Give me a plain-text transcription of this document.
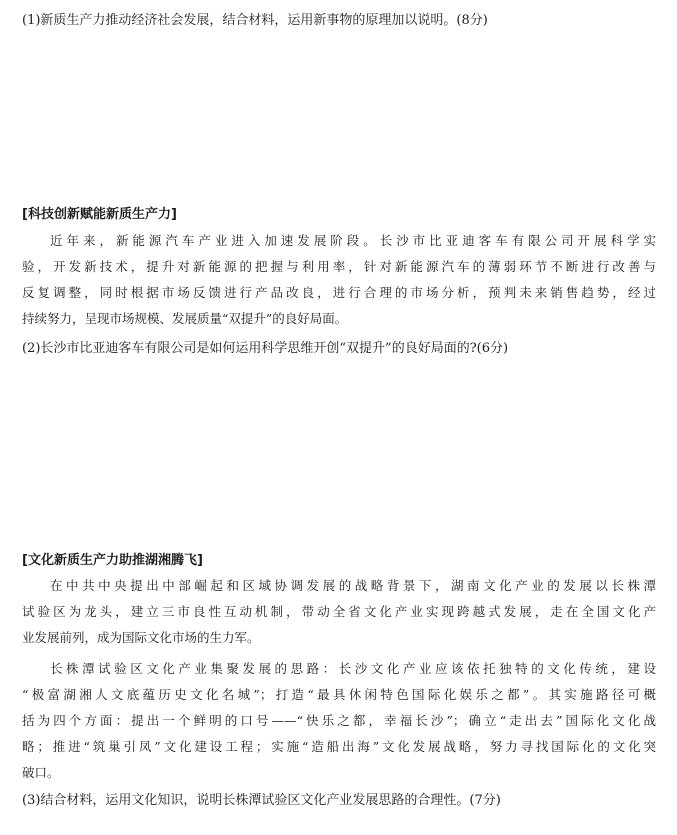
(1)新质生产力推动经济社会发展，结合材料，运用新事物的原理加以说明。(8分)
[科技创新赋能新质生产力]
近年来，新能源汽车产业进入加速发展阶段。长沙市比亚迪客车有限公司开展科学实
验，开发新技术，提升对新能源的把握与利用率，针对新能源汽车的薄弱环节不断进行改善与
反复调整，同时根据市场反馈进行产品改良，进行合理的市场分析，预判未来销售趋势，经过
持续努力，呈现市场规模、发展质量“双提升”的良好局面。
(2)长沙市比亚迪客车有限公司是如何运用科学思维开创“双提升”的良好局面的?(6分)
[文化新质生产力助推湖湘腾飞]
在中共中央提出中部崛起和区域协调发展的战略背景下，湖南文化产业的发展以长株潭
试验区为龙头，建立三市良性互动机制，带动全省文化产业实现跨越式发展，走在全国文化产
业发展前列，成为国际文化市场的生力军。
长株潭试验区文化产业集聚发展的思路：长沙文化产业应该依托独特的文化传统，建设
“极富湖湘人文底蕴历史文化名城”；打造“最具休闲特色国际化娱乐之都”。其实施路径可概
括为四个方面：提出一个鲜明的口号——“快乐之都，幸福长沙”；确立“走出去”国际化文化战
略；推进“筑巢引凤”文化建设工程；实施“造船出海”文化发展战略，努力寻找国际化的文化突
破口。
(3)结合材料，运用文化知识，说明长株潭试验区文化产业发展思路的合理性。(7分)
